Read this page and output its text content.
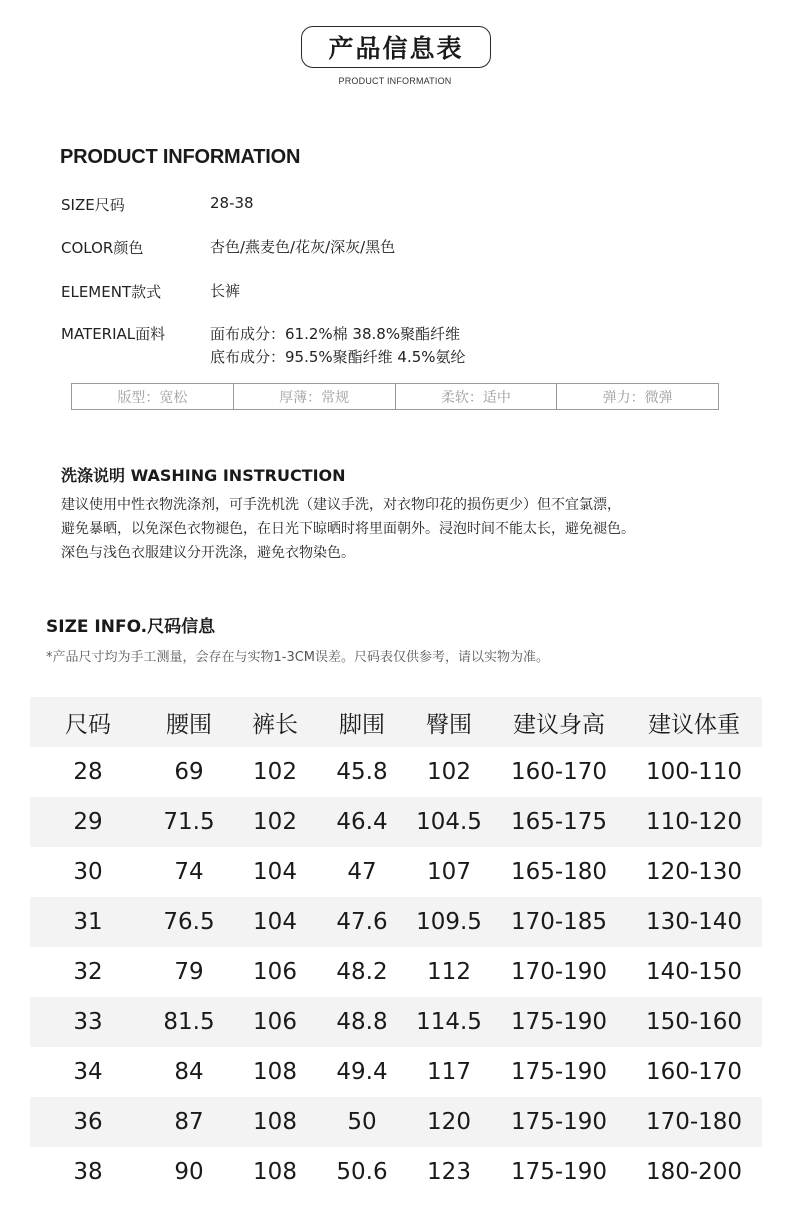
产品信息表
PRODUCT INFORMATION
PRODUCT INFORMATION
SIZE尺码	28-38
COLOR颜色	杏色/燕麦色/花灰/深灰/黑色
ELEMENT款式	长裤
MATERIAL面料	面布成分：61.2%棉 38.8%聚酯纤维
底布成分：95.5%聚酯纤维 4.5%氨纶
版型：宽松	厚薄：常规	柔软：适中	弹力：微弹
洗涤说明 WASHING INSTRUCTION
建议使用中性衣物洗涤剂，可手洗机洗（建议手洗，对衣物印花的损伤更少）但不宜氯漂，
避免暴晒，以免深色衣物褪色，在日光下晾晒时将里面朝外。浸泡时间不能太长，避免褪色。
深色与浅色衣服建议分开洗涤，避免衣物染色。
SIZE INFO.尺码信息
*产品尺寸均为手工测量，会存在与实物1-3CM误差。尺码表仅供参考，请以实物为准。
尺码	腰围	裤长	脚围	臀围	建议身高	建议体重
28	69	102	45.8	102	160-170	100-110
29	71.5	102	46.4	104.5	165-175	110-120
30	74	104	47	107	165-180	120-130
31	76.5	104	47.6	109.5	170-185	130-140
32	79	106	48.2	112	170-190	140-150
33	81.5	106	48.8	114.5	175-190	150-160
34	84	108	49.4	117	175-190	160-170
36	87	108	50	120	175-190	170-180
38	90	108	50.6	123	175-190	180-200
